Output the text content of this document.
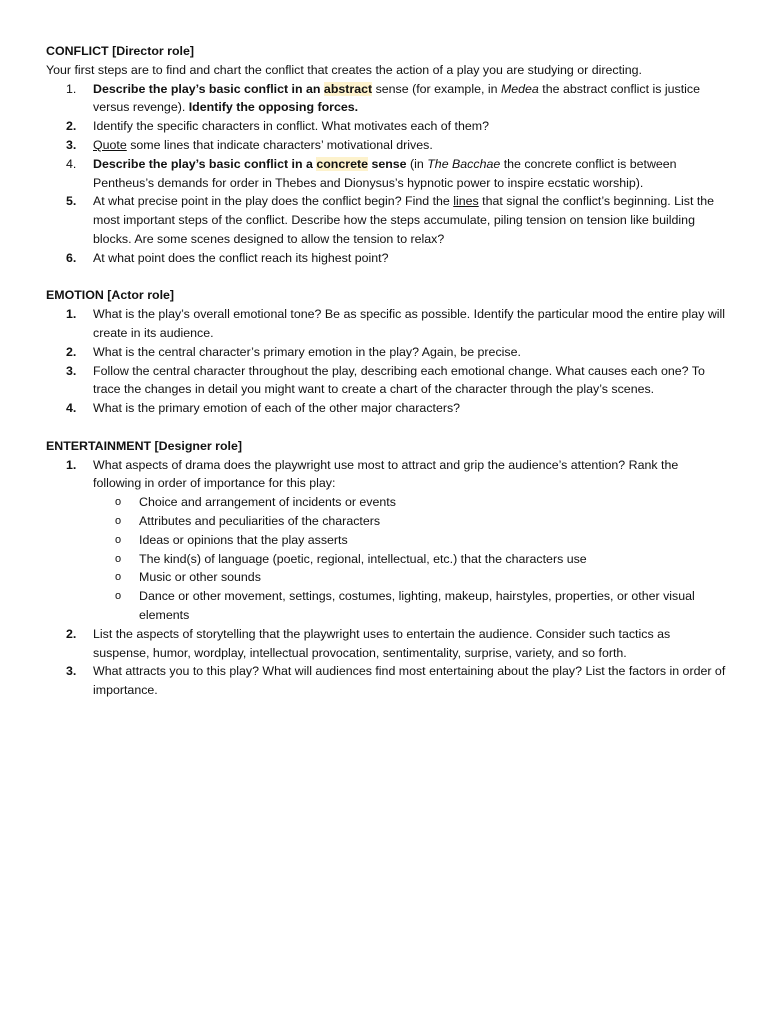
CONFLICT [Director role]
Your first steps are to find and chart the conflict that creates the action of a play you are studying or directing.
1.	Describe the play’s basic conflict in an abstract sense (for example, in Medea the abstract conflict is justice versus revenge). Identify the opposing forces.
2.	Identify the specific characters in conflict. What motivates each of them?
3.	Quote some lines that indicate characters’ motivational drives.
4.	Describe the play’s basic conflict in a concrete sense (in The Bacchae the concrete conflict is between Pentheus’s demands for order in Thebes and Dionysus’s hypnotic power to inspire ecstatic worship).
5.	At what precise point in the play does the conflict begin? Find the lines that signal the conflict’s beginning. List the most important steps of the conflict. Describe how the steps accumulate, piling tension on tension like building blocks. Are some scenes designed to allow the tension to relax?
6.	At what point does the conflict reach its highest point?
EMOTION [Actor role]
1.	What is the play’s overall emotional tone? Be as specific as possible. Identify the particular mood the entire play will create in its audience.
2.	What is the central character’s primary emotion in the play? Again, be precise.
3.	Follow the central character throughout the play, describing each emotional change. What causes each one? To trace the changes in detail you might want to create a chart of the character through the play’s scenes.
4.	What is the primary emotion of each of the other major characters?
ENTERTAINMENT [Designer role]
1.	What aspects of drama does the playwright use most to attract and grip the audience’s attention? Rank the following in order of importance for this play:
o Choice and arrangement of incidents or events
o Attributes and peculiarities of the characters
o Ideas or opinions that the play asserts
o The kind(s) of language (poetic, regional, intellectual, etc.) that the characters use
o Music or other sounds
o Dance or other movement, settings, costumes, lighting, makeup, hairstyles, properties, or other visual elements
2.	List the aspects of storytelling that the playwright uses to entertain the audience. Consider such tactics as suspense, humor, wordplay, intellectual provocation, sentimentality, surprise, variety, and so forth.
3.	What attracts you to this play? What will audiences find most entertaining about the play? List the factors in order of importance.
